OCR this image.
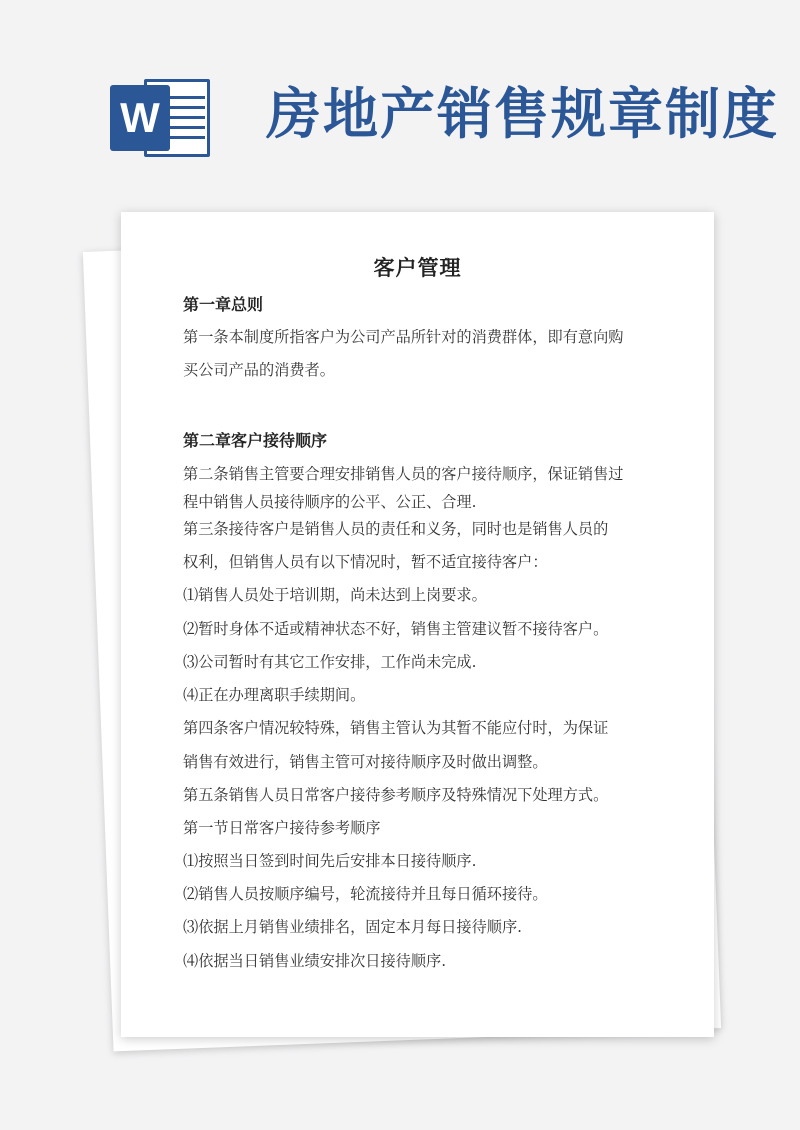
W 房地产销售规章制度
客户管理
第一章总则
第一条本制度所指客户为公司产品所针对的消费群体，即有意向购
买公司产品的消费者。
第二章客户接待顺序
第二条销售主管要合理安排销售人员的客户接待顺序，保证销售过
程中销售人员接待顺序的公平、公正、合理.
第三条接待客户是销售人员的责任和义务，同时也是销售人员的
权利，但销售人员有以下情况时，暂不适宜接待客户：
⑴销售人员处于培训期，尚未达到上岗要求。
⑵暂时身体不适或精神状态不好，销售主管建议暂不接待客户。
⑶公司暂时有其它工作安排，工作尚未完成.
⑷正在办理离职手续期间。
第四条客户情况较特殊，销售主管认为其暂不能应付时，为保证
销售有效进行，销售主管可对接待顺序及时做出调整。
第五条销售人员日常客户接待参考顺序及特殊情况下处理方式。
第一节日常客户接待参考顺序
⑴按照当日签到时间先后安排本日接待顺序.
⑵销售人员按顺序编号，轮流接待并且每日循环接待。
⑶依据上月销售业绩排名，固定本月每日接待顺序.
⑷依据当日销售业绩安排次日接待顺序.
